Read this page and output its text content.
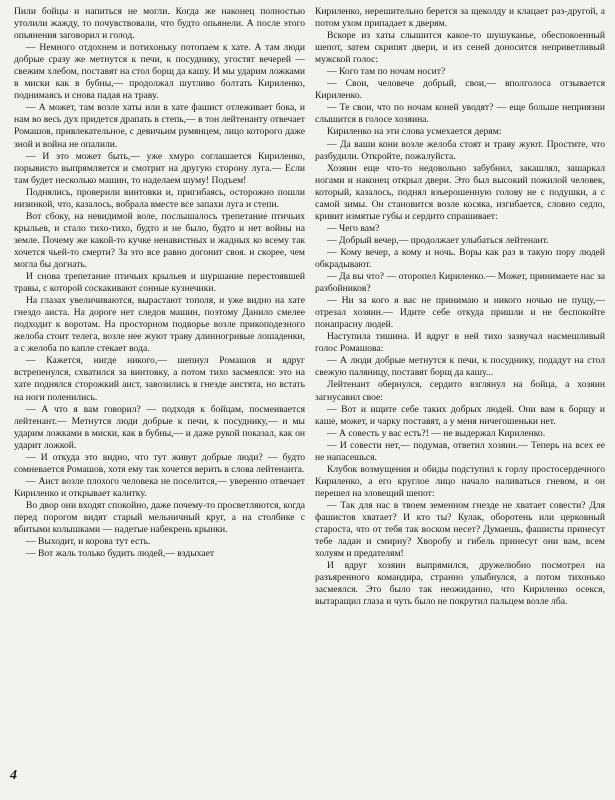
Пили бойцы и напиться не могли. Когда же наконец полностью утолили жажду, то почувствовали, что будто опьянели. А после этого опьянения заговорил и голод.

— Немного отдохнем и потихоньку потопаем к хате. А там люди добрые сразу же метнутся к печи, к посуднику, угостят вечерей — свежим хлебом, поставят на стол борщ да кашу. И мы ударим ложками в миски как в бубны,— продолжал шутливо болтать Кириленко, поднимаясь и снова падая на траву.

— А может, там возле хаты или в хате фашист отлеживает бока, и нам во весь дух придется драпать в степь,— в тон лейтенанту отвечает Ромашов, привлекательное, с девичьим румянцем, лицо которого даже зной и война не опалили.

— И это может быть,— уже хмуро соглашается Кириленко, порывисто выпрямляется и смотрит на другую сторону луга.— Если там будет несколько машин, то наделаем шуму! Подъем!

Поднялись, проверили винтовки и, пригибаясь, осторожно пошли низинкой, что, казалось, вобрала вместе все запахи луга и степи.

Вот сбоку, на невидимой воле, послышалось трепетание птичьих крыльев, и стало тихо-тихо, будто и не было, будто и нет войны на земле. Почему же какой-то кучке ненавистных и жадных ко всему так хочется чьей-то смерти? За это все равно догонит своя. и скорее, чем могла бы догнать.

И снова трепетание птичьих крыльев и шуршание перестоявшей травы, с которой соскакивают сонные кузнечики.

На глазах увеличиваются, вырастают тополя, и уже видно на хате гнездо аиста. На дороге нет следов машин, поэтому Данило смелее подходит к воротам. На просторном подворье возле прикоподезного желоба стоит телега, возле нее жуют траву длинногривые лошаденки, а с желоба по капле стекает вода.

— Кажется, нигде никого,— шепнул Ромашов и вдруг встрепенулся, схватился за винтовку, а потом тихо засмеялся: это на хате поднялся сторожкий аист, завозились в гнезде аистята, но встать на ноги поленились.

— А что я вам говорил? — подходя к бойцам, посмеивается лейтенант.— Метнутся люди добрые к печи, к посуднику,— и мы ударим ложками в миски, как в бубны,— и даже рукой показал, как он ударит ложкой.

— И откуда это видно, что тут живут добрые люди? — будто сомневается Ромашов, хотя ему так хочется верить в слова лейтенанта.

— Аист возле плохого человека не поселится,— уверенно отвечает Кириленко и открывает калитку.

Во двор они входят спокойно, даже почему-то просветляются, когда перед порогом видят старый мельничный круг, а на столбике с вбитыми колышками — надетые набекрень крынки.

— Выходит, и корова тут есть.

— Вот жаль только будить людей,— вздыхает

Кириленко, нерешительно берется за щеколду и клацает раз-другой, а потом ухом припадает к дверям.

Вскоре из хаты слышится какое-то шушуканье, обеспокоенный шепот, затем скрипят двери, и из сеней доносится неприветливый мужской голос:

— Кого там по ночам носит?

— Свои, человече добрый, свои,— вполголоса отзывается Кириленко.

— Те свои, что по ночам коней уводят? — еще больше неприязни слышится в голосе хозяина.

Кириленко на эти слова усмехается дерям:

— Да ваши кони возле желоба стоят и траву жуют. Простите, что разбудили. Откройте, пожалуйста.

Хозяин еще что-то недовольно забубнил, закашлял, зашаркал ногами и наконец открыл двери. Это был высокий пожилой человек, который, казалось, поднял взъерошенную голову не с подушки, а с самой зимы. Он становится возле косяка, изгибается, словно седло, кривит измятые губы и сердито спрашивает:

— Чего вам?

— Добрый вечер,— продолжает улыбаться лейтенант.

— Кому вечер, а кому и ночь. Воры как раз в такую пору людей обкрадывают.

— Да вы что? — оторопел Кириленко.— Может, принимаете нас за разбойников?

— Ни за кого я вас не принимаю и никого ночью не пущу,— отрезал хозяин.— Идите себе откуда пришли и не беспокойте понапрасну людей.

Наступила тишина. И вдруг в ней тихо зазвучал насмешливый голос Ромашова:

— А люди добрые метнутся к печи, к посуднику, подадут на стол свежую паляницу, поставят борщ да кашу...

Лейтенант обернулся, сердито взглянул на бойца, а хозяин загнусавил свое:

— Вот и ищите себе таких добрых людей. Они вам к борщу и каше, может, и чарку поставят, а у меня ничегошеньки нет.

— А совесть у вас есть?! — не выдержал Кириленко.

— И совести нет,— подумав, ответил хозяин.— Теперь на всех ее не напасешься.

Клубок возмущения и обиды подступил к горлу простосердечного Кириленко, а его круглое лицо начало наливаться гневом, и он перешел на зловещий шепот:

— Так для нас в твоем земенном гнезде не хватает совести? Для фашистов хватает? И кто ты? Кулак, оборотень или церковный староста, что от тебя так воском несет? Думаешь, фашисты принесут тебе ладан и смирну? Хворобу и гибель принесут они вам, всем холуям и предателям!

И вдруг хозяин выпрямился, дружелюбно посмотрел на разъяренного командира, странно улыбнулся, а потом тихонько засмеялся. Это было так неожиданно, что Кириленко осекся, вытаращил глаза и чуть было не покрутил пальцем возле лба.

4
